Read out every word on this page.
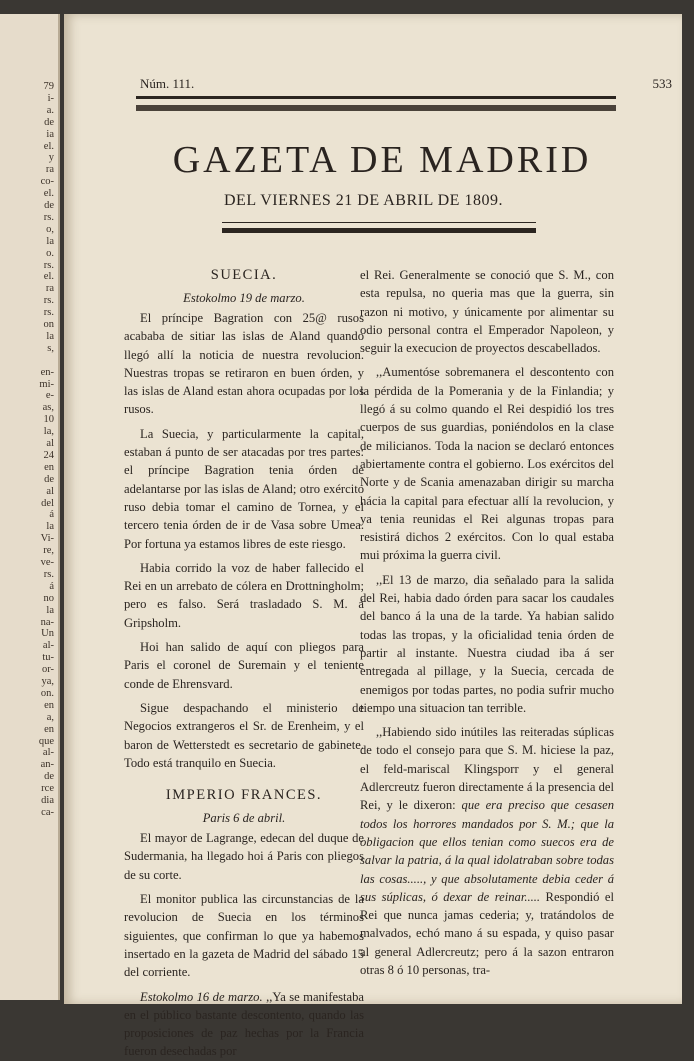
79
i-
a.
de
ia
el.
y
ra
co-
el.
de
rs.
o,
la
o.
rs.
el.
ra
rs.
rs.
on
la
s,
en-
mi-
e-
as,
10
la,
al
24
en
de
al
del
á
la
Vi-
re,
ve-
rs.
á
no
la
na-
Un
al-
tu-
or-
ya,
on.
en
a,
en
que
al-
an-
de
rce
dia
ca-
Núm. 111.	533
GAZETA DE MADRID
DEL VIERNES 21 DE ABRIL DE 1809.
SUECIA.
Estokolmo 19 de marzo.

El príncipe Bagration con 25@ rusos acababa de sitiar las islas de Aland quando llegó allí la noticia de nuestra revolucion. Nuestras tropas se retiraron en buen órden, y las islas de Aland estan ahora ocupadas por los rusos.

La Suecia, y particularmente la capital, estaban á punto de ser atacadas por tres partes: el príncipe Bagration tenia órden de adelantarse por las islas de Aland; otro exército ruso debia tomar el camino de Tornea, y el tercero tenia órden de ir de Vasa sobre Umea. Por fortuna ya estamos libres de este riesgo.

Habia corrido la voz de haber fallecido el Rei en un arrebato de cólera en Drottningholm; pero es falso. Será trasladado S. M. á Gripsholm.

Hoi han salido de aquí con pliegos para Paris el coronel de Suremain y el teniente conde de Ehrensvard.

Sigue despachando el ministerio de Negocios extrangeros el Sr. de Erenheim, y el baron de Wetterstedt es secretario de gabinete. Todo está tranquilo en Suecia.

IMPERIO FRANCES.
Paris 6 de abril.

El mayor de Lagrange, edecan del duque de Sudermania, ha llegado hoi á Paris con pliegos de su corte.

El monitor publica las circunstancias de la revolucion de Suecia en los términos siguientes, que confirman lo que ya habemos insertado en la gazeta de Madrid del sábado 15 del corriente.

Estokolmo 16 de marzo. ,,Ya se manifestaba en el público bastante descontento, quando las proposiciones de paz hechas por la Francia fueron desechadas por

el Rei. Generalmente se conoció que S. M., con esta repulsa, no queria mas que la guerra, sin razon ni motivo, y únicamente por alimentar su odio personal contra el Emperador Napoleon, y seguir la execucion de proyectos descabellados.

,,Aumentóse sobremanera el descontento con la pérdida de la Pomerania y de la Finlandia; y llegó á su colmo quando el Rei despidió los tres cuerpos de sus guardias, poniéndolos en la clase de milicianos. Toda la nacion se declaró entonces abiertamente contra el gobierno. Los exércitos del Norte y de Scania amenazaban dirigir su marcha hácia la capital para efectuar allí la revolucion, y ya tenia reunidas el Rei algunas tropas para resistirá dichos 2 exércitos. Con lo qual estaba mui próxima la guerra civil.

,,El 13 de marzo, dia señalado para la salida del Rei, habia dado órden para sacar los caudales del banco á la una de la tarde. Ya habian salido todas las tropas, y la oficialidad tenia órden de partir al instante. Nuestra ciudad iba á ser entregada al pillage, y la Suecia, cercada de enemigos por todas partes, no podia sufrir mucho tiempo una situacion tan terrible.

,,Habiendo sido inútiles las reiteradas súplicas de todo el consejo para que S. M. hiciese la paz, el feld-mariscal Klingsporr y el general Adlercreutz fueron directamente á la presencia del Rei, y le dixeron: que era preciso que cesasen todos los horrores mandados por S. M.; que la obligacion que ellos tenian como suecos era de salvar la patria, á la qual idolatraban sobre todas las cosas....., y que absolutamente debia ceder á sus súplicas, ó dexar de reinar..... Respondió el Rei que nunca jamas cederia; y, tratándolos de malvados, echó mano á su espada, y quiso pasar al general Adlercreutz; pero á la sazon entraron otras 8 ó 10 personas, tra-
